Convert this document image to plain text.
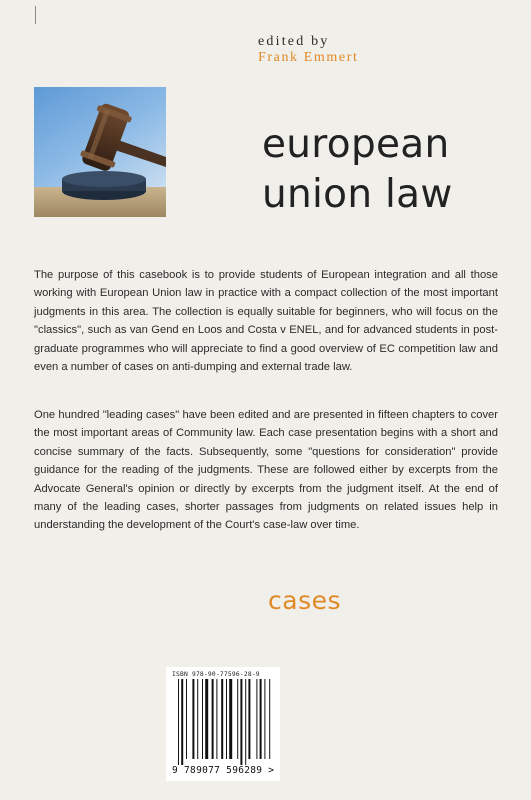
edited by
Frank Emmert
european
union law
The purpose of this casebook is to provide students of European integration and all those working with European Union law in practice with a compact collection of the most important judgments in this area. The collection is equally suitable for beginners, who will focus on the "classics", such as van Gend en Loos and Costa v ENEL, and for advanced students in post-graduate programmes who will appreciate to find a good overview of EC competition law and even a number of cases on anti-dumping and external trade law.
One hundred "leading cases" have been edited and are presented in fifteen chapters to cover the most important areas of Community law. Each case presentation begins with a short and concise summary of the facts. Subsequently, some "questions for consideration" provide guidance for the reading of the judgments. These are followed either by excerpts from the Advocate General's opinion or directly by excerpts from the judgment itself. At the end of many of the leading cases, shorter passages from judgments on related issues help in understanding the development of the Court's case-law over time.
cases
ISBN 978-90-77596-28-9
9 789077 596289 >
